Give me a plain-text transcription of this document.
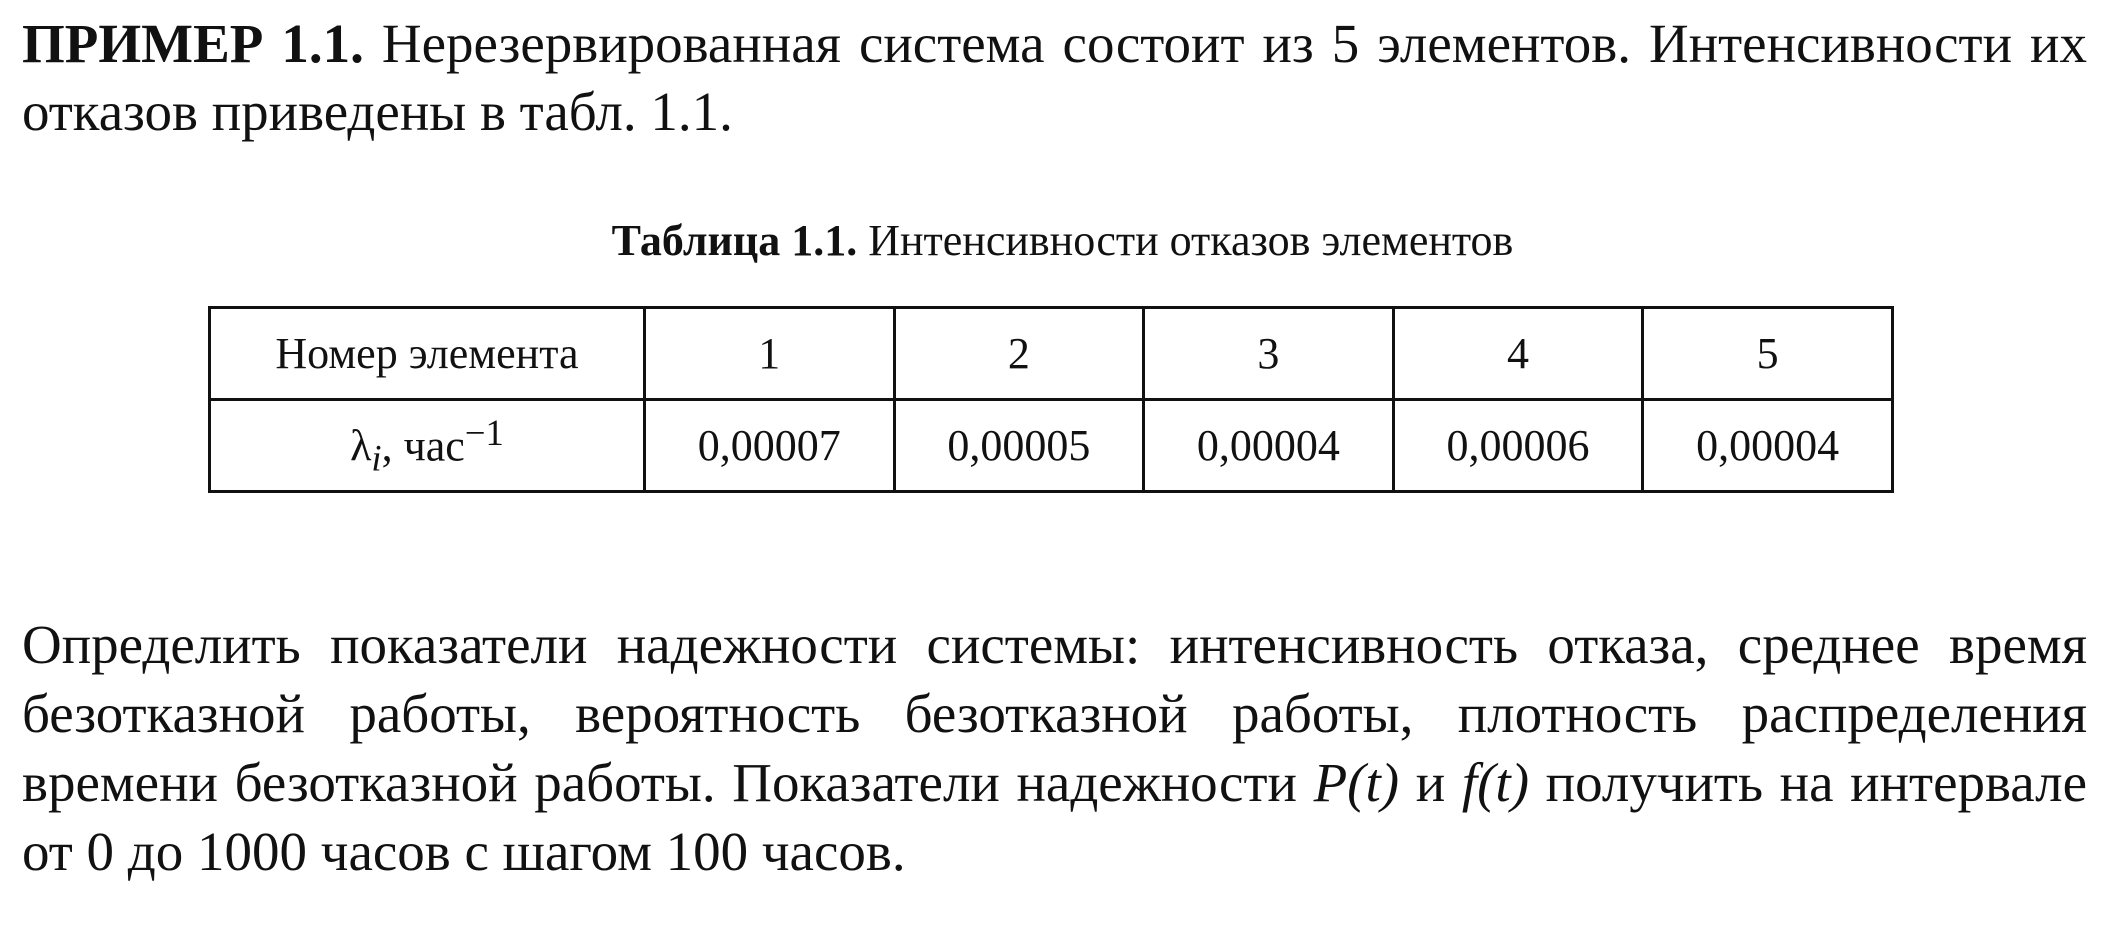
ПРИМЕР 1.1. Нерезервированная система состоит из 5 элементов. Интенсивности их отказов приведены в табл. 1.1.

Таблица 1.1. Интенсивности отказов элементов
Номер элемента	1	2	3	4	5
$\lambda_i$, час$^{-1}$	0,00007	0,00005	0,00004	0,00006	0,00004

Определить показатели надежности системы: интенсивность отказа, среднее время безотказной работы, вероятность безотказной работы, плотность распределения времени безотказной работы. Показатели надежности P(t) и f(t) получить на интервале от 0 до 1000 часов с шагом 100 часов.
